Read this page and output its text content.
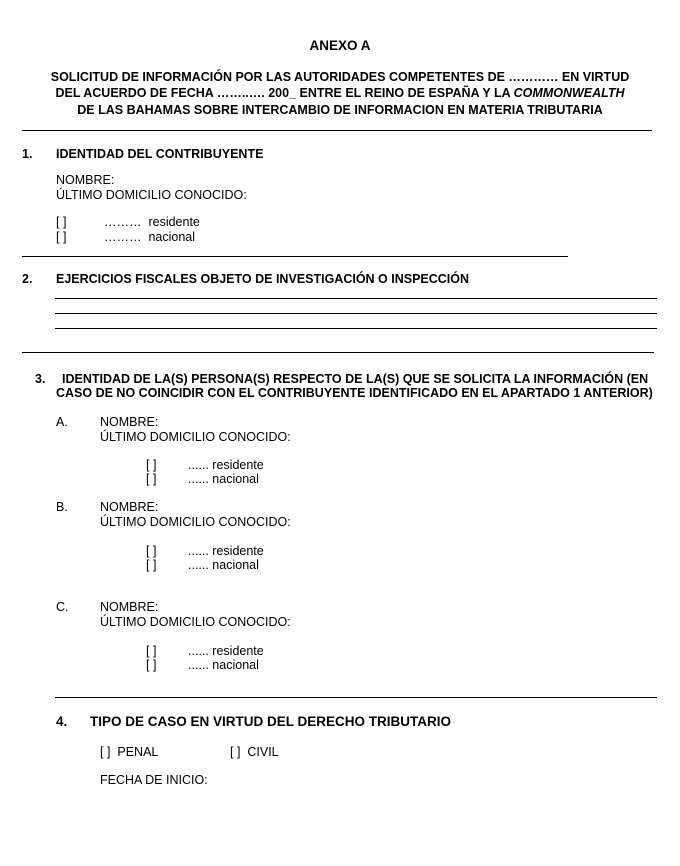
ANEXO A
SOLICITUD DE INFORMACIÓN POR LAS AUTORIDADES COMPETENTES DE ………… EN VIRTUD
DEL ACUERDO DE FECHA ……..…. 200_ ENTRE EL REINO DE ESPAÑA Y LA COMMONWEALTH
DE LAS BAHAMAS SOBRE INTERCAMBIO DE INFORMACION EN MATERIA TRIBUTARIA
1. IDENTIDAD DEL CONTRIBUYENTE
NOMBRE:
ÚLTIMO DOMICILIO CONOCIDO:
[ ]	……… residente
[ ]	……… nacional
2. EJERCICIOS FISCALES OBJETO DE INVESTIGACIÓN O INSPECCIÓN
3. IDENTIDAD DE LA(S) PERSONA(S) RESPECTO DE LA(S) QUE SE SOLICITA LA INFORMACIÓN (EN
CASO DE NO COINCIDIR CON EL CONTRIBUYENTE IDENTIFICADO EN EL APARTADO 1 ANTERIOR)
A.	NOMBRE:
ÚLTIMO DOMICILIO CONOCIDO:
[ ]	...... residente
[ ]	...... nacional
B.	NOMBRE:
ÚLTIMO DOMICILIO CONOCIDO:
[ ]	...... residente
[ ]	...... nacional
C.	NOMBRE:
ÚLTIMO DOMICILIO CONOCIDO:
[ ]	...... residente
[ ]	...... nacional
4. TIPO DE CASO EN VIRTUD DEL DERECHO TRIBUTARIO
[ ] PENAL	[ ] CIVIL
FECHA DE INICIO:
